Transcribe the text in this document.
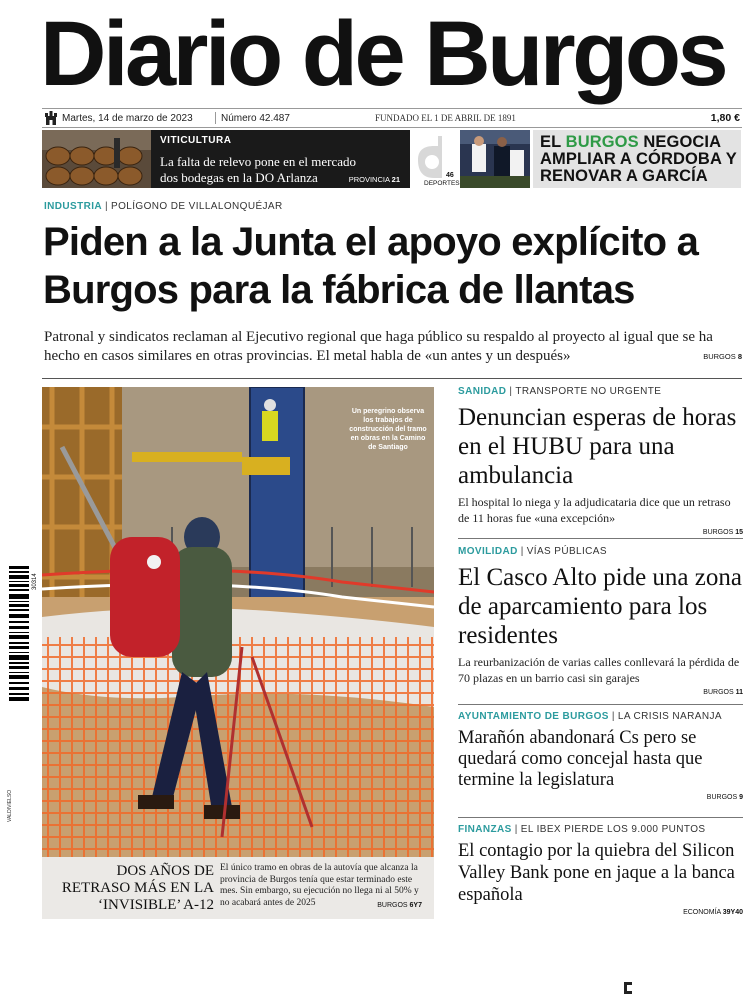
Diario de Burgos
Martes, 14 de marzo de 2023	Número 42.487	FUNDADO EL 1 DE ABRIL DE 1891	1,80 €
VITICULTURA
La falta de relevo pone en el mercado dos bodegas en la DO Arlanza	PROVINCIA 21	46
DEPORTES
EL BURGOS NEGOCIA AMPLIAR A CÓRDOBA Y RENOVAR A GARCÍA
INDUSTRIA | POLÍGONO DE VILLALONQUÉJAR
Piden a la Junta el apoyo explícito a Burgos para la fábrica de llantas

Patronal y sindicatos reclaman al Ejecutivo regional que haga público su respaldo al proyecto al igual que se ha hecho en casos similares en otras provincias. El metal habla de «un antes y un después»	BURGOS 8
Un peregrino observa los trabajos de construcción del tramo en obras en la Camino de Santiago
VALDIVIELSO
30314
DOS AÑOS DE RETRASO MÁS EN LA ‘INVISIBLE’ A-12
El único tramo en obras de la autovía que alcanza la provincia de Burgos tenía que estar terminado este mes. Sin embargo, su ejecución no llega ni al 50% y no acabará antes de 2025	BURGOS 6Y7
SANIDAD | TRANSPORTE NO URGENTE
Denuncian esperas de horas en el HUBU para una ambulancia
El hospital lo niega y la adjudicataria dice que un retraso de 11 horas fue «una excepción»
BURGOS 15
MOVILIDAD | VÍAS PÚBLICAS
El Casco Alto pide una zona de aparcamiento para los residentes
La reurbanización de varias calles conllevará la pérdida de 70 plazas en un barrio casi sin garajes
BURGOS 11
AYUNTAMIENTO DE BURGOS | LA CRISIS NARANJA
Marañón abandonará Cs pero se quedará como concejal hasta que termine la legislatura
BURGOS 9
FINANZAS | EL IBEX PIERDE LOS 9.000 PUNTOS
El contagio por la quiebra del Silicon Valley Bank pone en jaque a la banca española
ECONOMÍA 39Y40
